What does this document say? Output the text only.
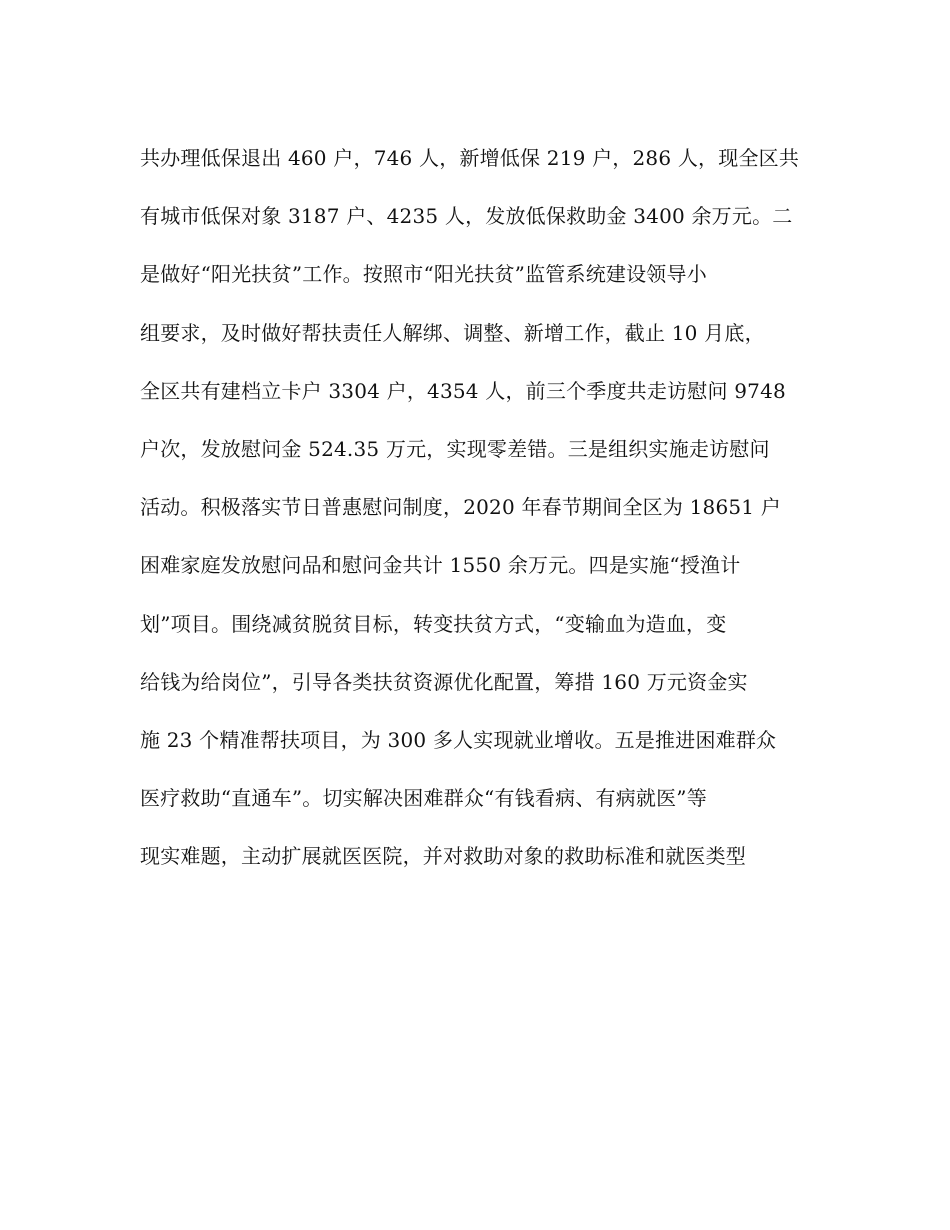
共办理低保退出 460 户，746 人，新增低保 219 户，286 人，现全区共
有城市低保对象 3187 户、4235 人，发放低保救助金 3400 余万元。二
是做好“阳光扶贫”工作。按照市“阳光扶贫”监管系统建设领导小
组要求，及时做好帮扶责任人解绑、调整、新增工作，截止 10 月底，
全区共有建档立卡户 3304 户，4354 人，前三个季度共走访慰问 9748
户次，发放慰问金 524.35 万元，实现零差错。三是组织实施走访慰问
活动。积极落实节日普惠慰问制度，2020 年春节期间全区为 18651 户
困难家庭发放慰问品和慰问金共计 1550 余万元。四是实施“授渔计
划”项目。围绕减贫脱贫目标，转变扶贫方式，“变输血为造血，变
给钱为给岗位”，引导各类扶贫资源优化配置，筹措 160 万元资金实
施 23 个精准帮扶项目，为 300 多人实现就业增收。五是推进困难群众
医疗救助“直通车”。切实解决困难群众“有钱看病、有病就医”等
现实难题，主动扩展就医医院，并对救助对象的救助标准和就医类型
